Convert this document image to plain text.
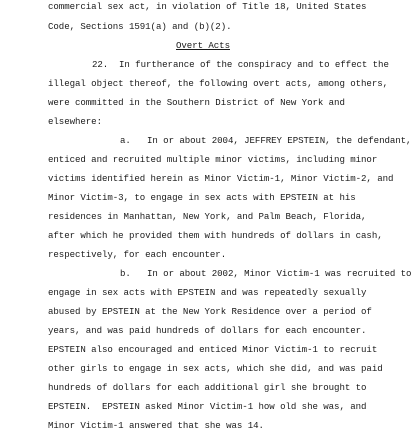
commercial sex act, in violation of Title 18, United States
Code, Sections 1591(a) and (b)(2).
Overt Acts
22.  In furtherance of the conspiracy and to effect the
illegal object thereof, the following overt acts, among others,
were committed in the Southern District of New York and
elsewhere:
a.   In or about 2004, JEFFREY EPSTEIN, the defendant,
enticed and recruited multiple minor victims, including minor
victims identified herein as Minor Victim-1, Minor Victim-2, and
Minor Victim-3, to engage in sex acts with EPSTEIN at his
residences in Manhattan, New York, and Palm Beach, Florida,
after which he provided them with hundreds of dollars in cash,
respectively, for each encounter.
b.   In or about 2002, Minor Victim-1 was recruited to
engage in sex acts with EPSTEIN and was repeatedly sexually
abused by EPSTEIN at the New York Residence over a period of
years, and was paid hundreds of dollars for each encounter.
EPSTEIN also encouraged and enticed Minor Victim-1 to recruit
other girls to engage in sex acts, which she did, and was paid
hundreds of dollars for each additional girl she brought to
EPSTEIN.  EPSTEIN asked Minor Victim-1 how old she was, and
Minor Victim-1 answered that she was 14.
